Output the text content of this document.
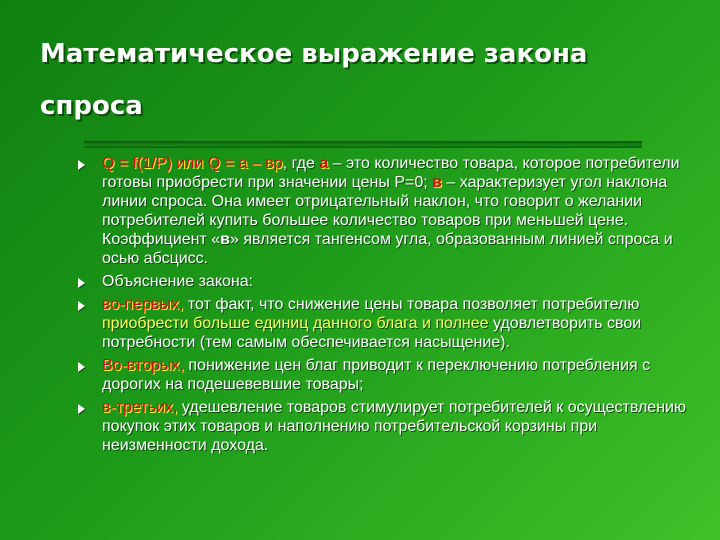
Математическое выражение закона спроса
Q = f(1/P) или Q = a – вp, где а – это количество товара, которое потребители готовы приобрести при значении цены P=0; в – характеризует угол наклона линии спроса. Она имеет отрицательный наклон, что говорит о желании потребителей купить большее количество товаров при меньшей цене. Коэффициент «в» является тангенсом угла, образованным линией спроса и осью абсцисс.
Объяснение закона:
во-первых, тот факт, что снижение цены товара позволяет потребителю приобрести больше единиц данного блага и полнее удовлетворить свои потребности (тем самым обеспечивается насыщение).
Во-вторых, понижение цен благ приводит к переключению потребления с дорогих на подешевевшие товары;
в-третьих, удешевление товаров стимулирует потребителей к осуществлению покупок этих товаров и наполнению потребительской корзины при неизменности дохода.
